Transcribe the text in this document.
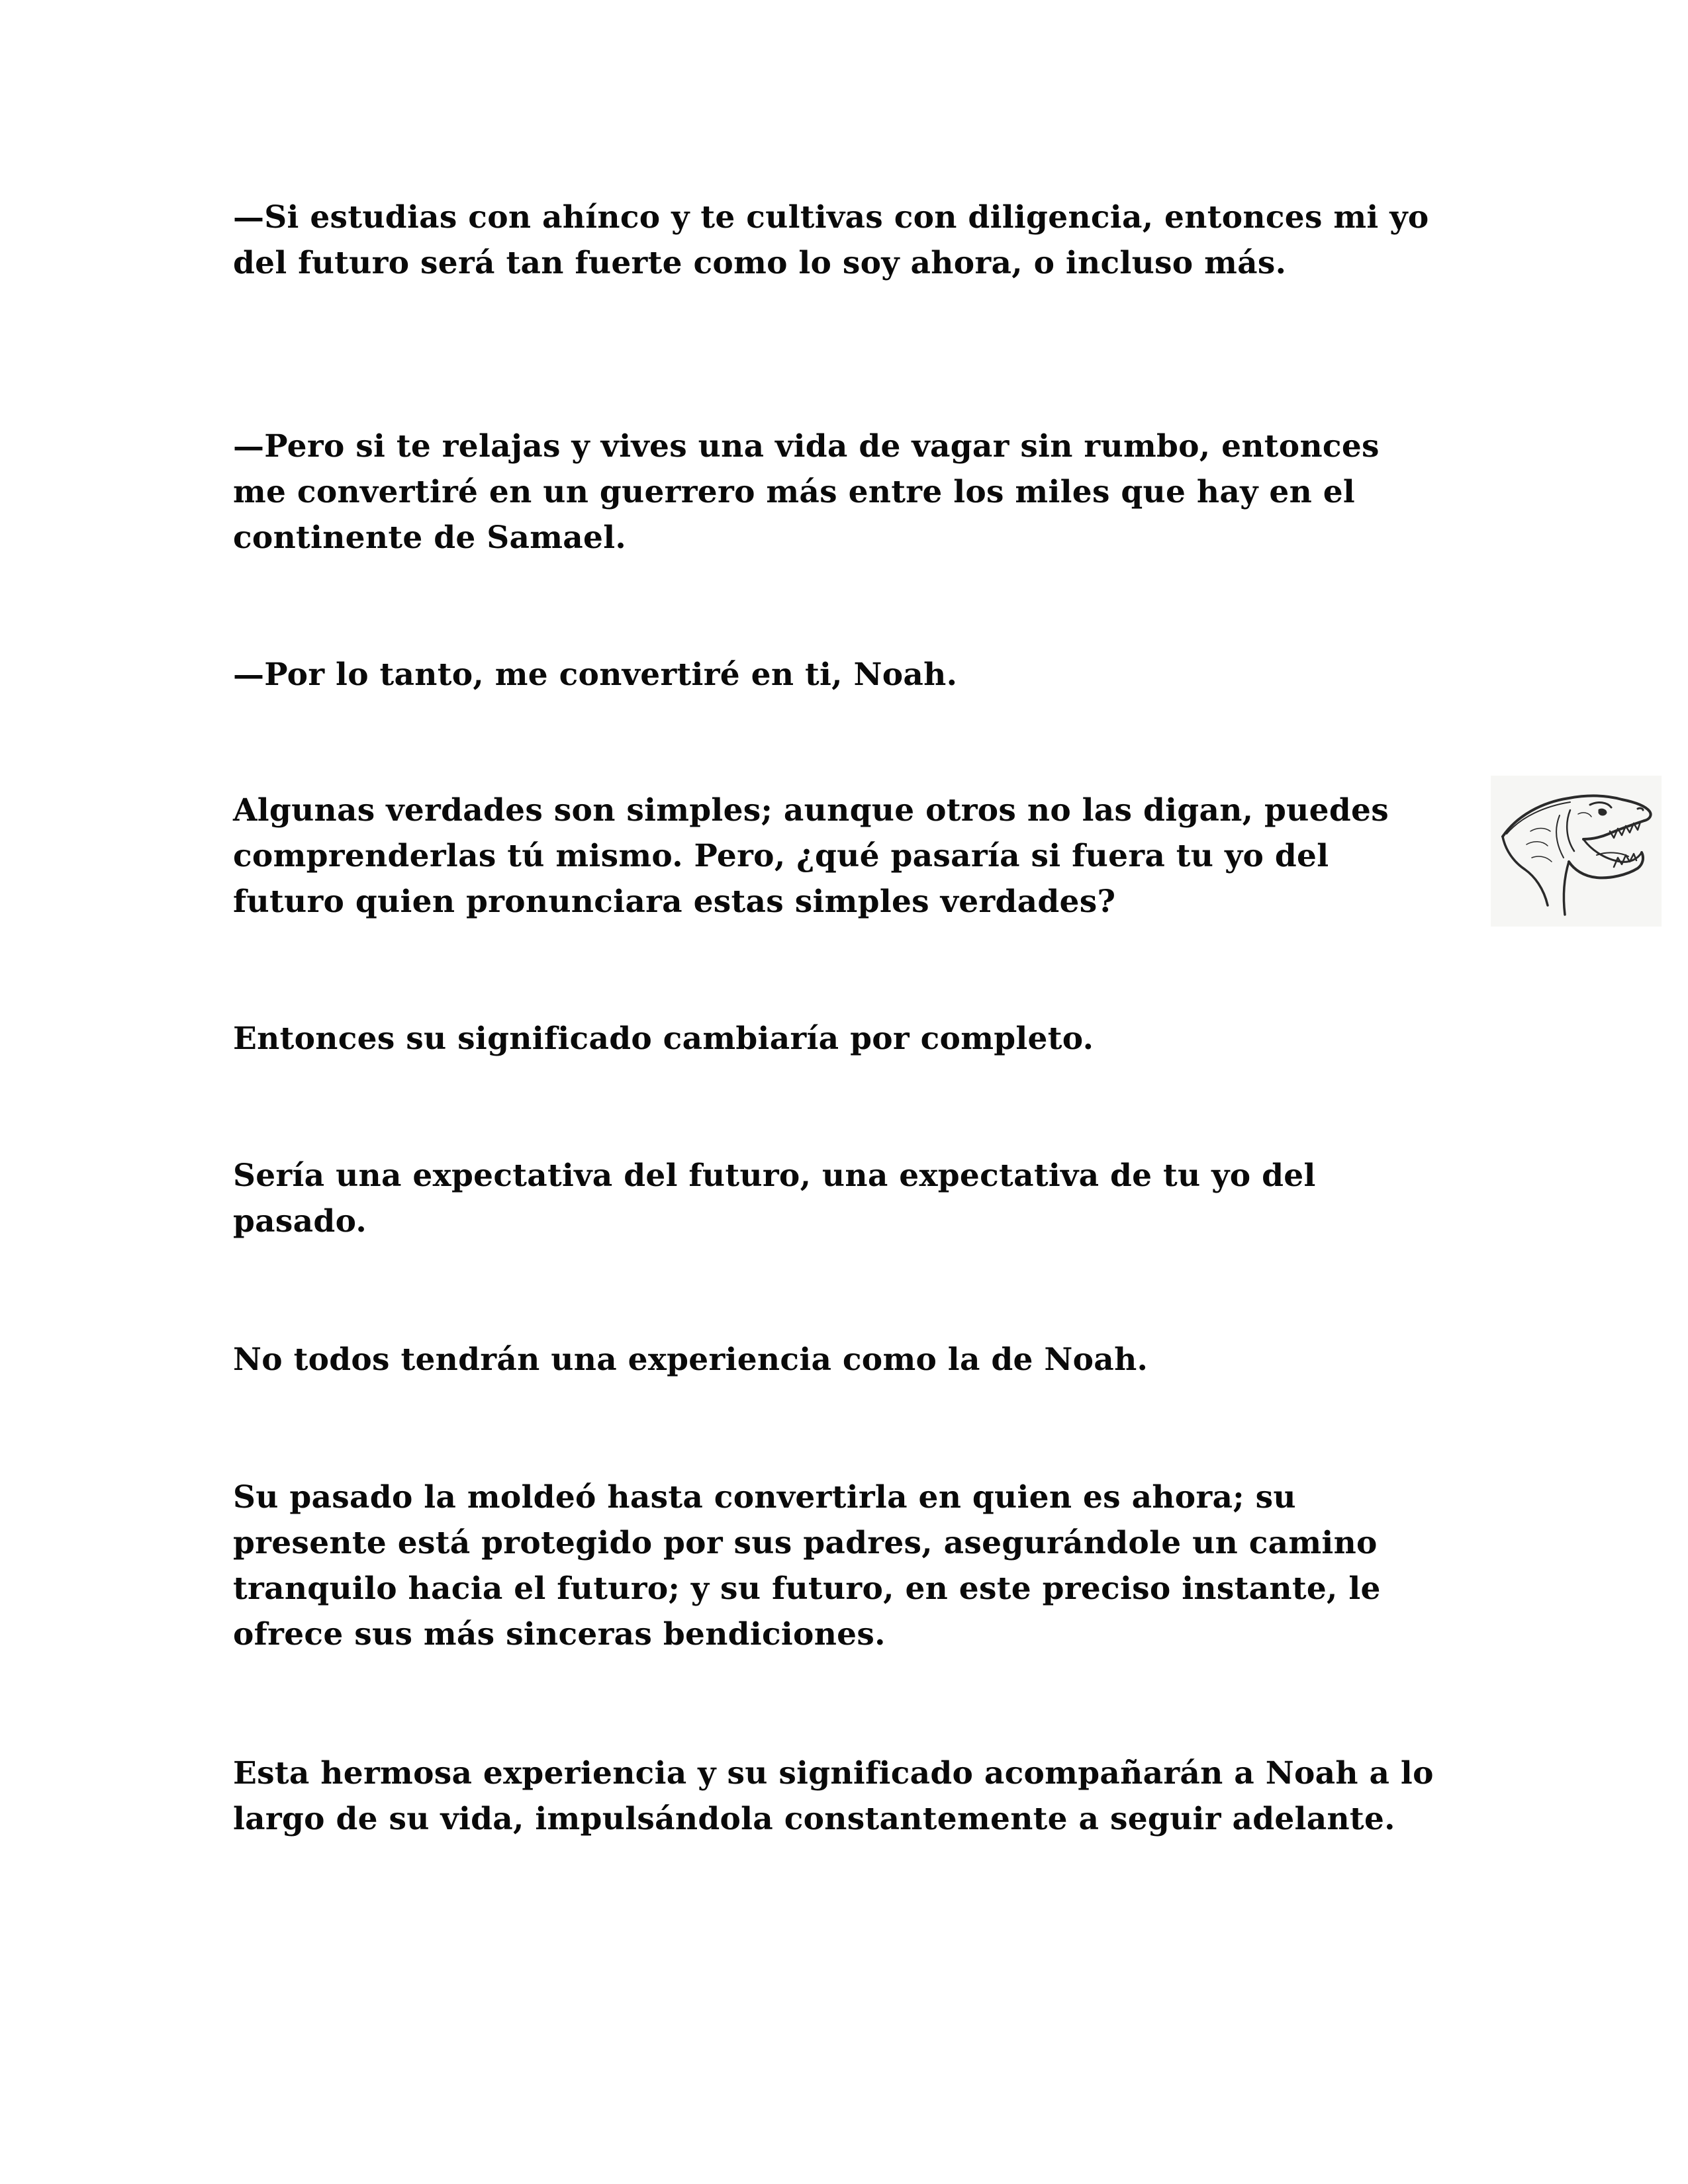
—Si estudias con ahínco y te cultivas con diligencia, entonces mi yo del futuro será tan fuerte como lo soy ahora, o incluso más.

—Pero si te relajas y vives una vida de vagar sin rumbo, entonces me convertiré en un guerrero más entre los miles que hay en el continente de Samael.

—Por lo tanto, me convertiré en ti, Noah.

Algunas verdades son simples; aunque otros no las digan, puedes comprenderlas tú mismo. Pero, ¿qué pasaría si fuera tu yo del futuro quien pronunciara estas simples verdades?

Entonces su significado cambiaría por completo.

Sería una expectativa del futuro, una expectativa de tu yo del pasado.

No todos tendrán una experiencia como la de Noah.

Su pasado la moldeó hasta convertirla en quien es ahora; su presente está protegido por sus padres, asegurándole un camino tranquilo hacia el futuro; y su futuro, en este preciso instante, le ofrece sus más sinceras bendiciones.

Esta hermosa experiencia y su significado acompañarán a Noah a lo largo de su vida, impulsándola constantemente a seguir adelante.
